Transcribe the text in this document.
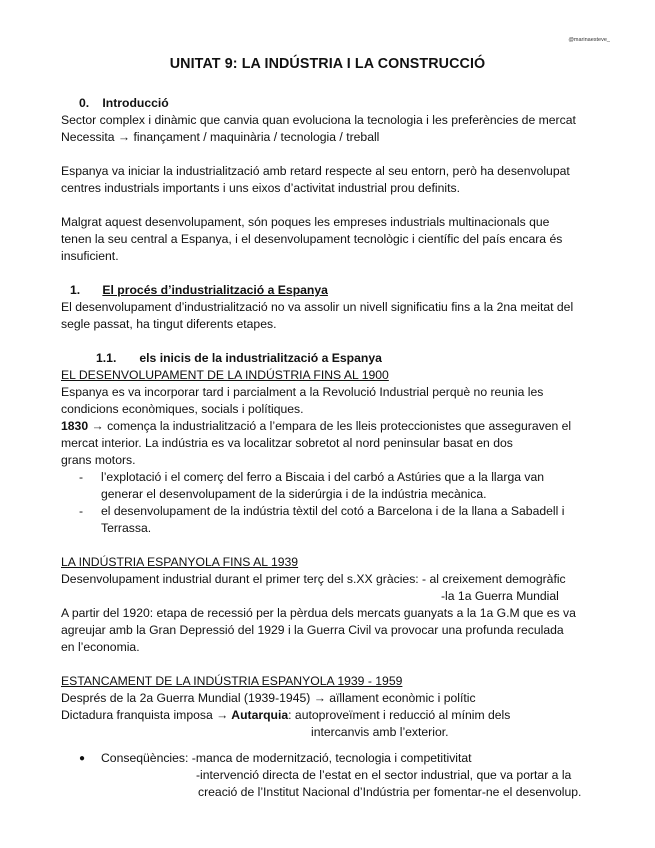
@marinaesteve_
UNITAT 9: LA INDÚSTRIA I LA CONSTRUCCIÓ
0. Introducció
Sector complex i dinàmic que canvia quan evoluciona la tecnologia i les preferències de mercat
Necessita → finançament / maquinària / tecnologia / treball
Espanya va iniciar la industrialització amb retard respecte al seu entorn, però ha desenvolupat
centres industrials importants i uns eixos d’activitat industrial prou definits.
Malgrat aquest desenvolupament, són poques les empreses industrials multinacionals que
tenen la seu central a Espanya, i el desenvolupament tecnològic i científic del país encara és
insuficient.
1. El procés d’industrialització a Espanya
El desenvolupament d’industrialització no va assolir un nivell significatiu fins a la 2na meitat del
segle passat, ha tingut diferents etapes.
1.1. els inicis de la industrialització a Espanya
EL DESENVOLUPAMENT DE LA INDÚSTRIA FINS AL 1900
Espanya es va incorporar tard i parcialment a la Revolució Industrial perquè no reunia les
condicions econòmiques, socials i polítiques.
1830 → comença la industrialització a l’empara de les lleis proteccionistes que asseguraven el
mercat interior. La indústria es va localitzar sobretot al nord peninsular basat en dos
grans motors.
-	l’explotació i el comerç del ferro a Biscaia i del carbó a Astúries que a la llarga van
generar el desenvolupament de la siderúrgia i de la indústria mecànica.
-	el desenvolupament de la indústria tèxtil del cotó a Barcelona i de la llana a Sabadell i
Terrassa.
LA INDÚSTRIA ESPANYOLA FINS AL 1939
Desenvolupament industrial durant el primer terç del s.XX gràcies: - al creixement demogràfic
-la 1a Guerra Mundial
A partir del 1920: etapa de recessió per la pèrdua dels mercats guanyats a la 1a G.M que es va
agreujar amb la Gran Depressió del 1929 i la Guerra Civil va provocar una profunda reculada
en l’economia.
ESTANCAMENT DE LA INDÚSTRIA ESPANYOLA 1939 - 1959
Després de la 2a Guerra Mundial (1939-1945) → aïllament econòmic i polític
Dictadura franquista imposa → Autarquia: autoproveïment i reducció al mínim dels
intercanvis amb l’exterior.
●	Conseqüències: -manca de modernització, tecnologia i competitivitat
-intervenció directa de l’estat en el sector industrial, que va portar a la
creació de l’Institut Nacional d’Indústria per fomentar-ne el desenvolup.
